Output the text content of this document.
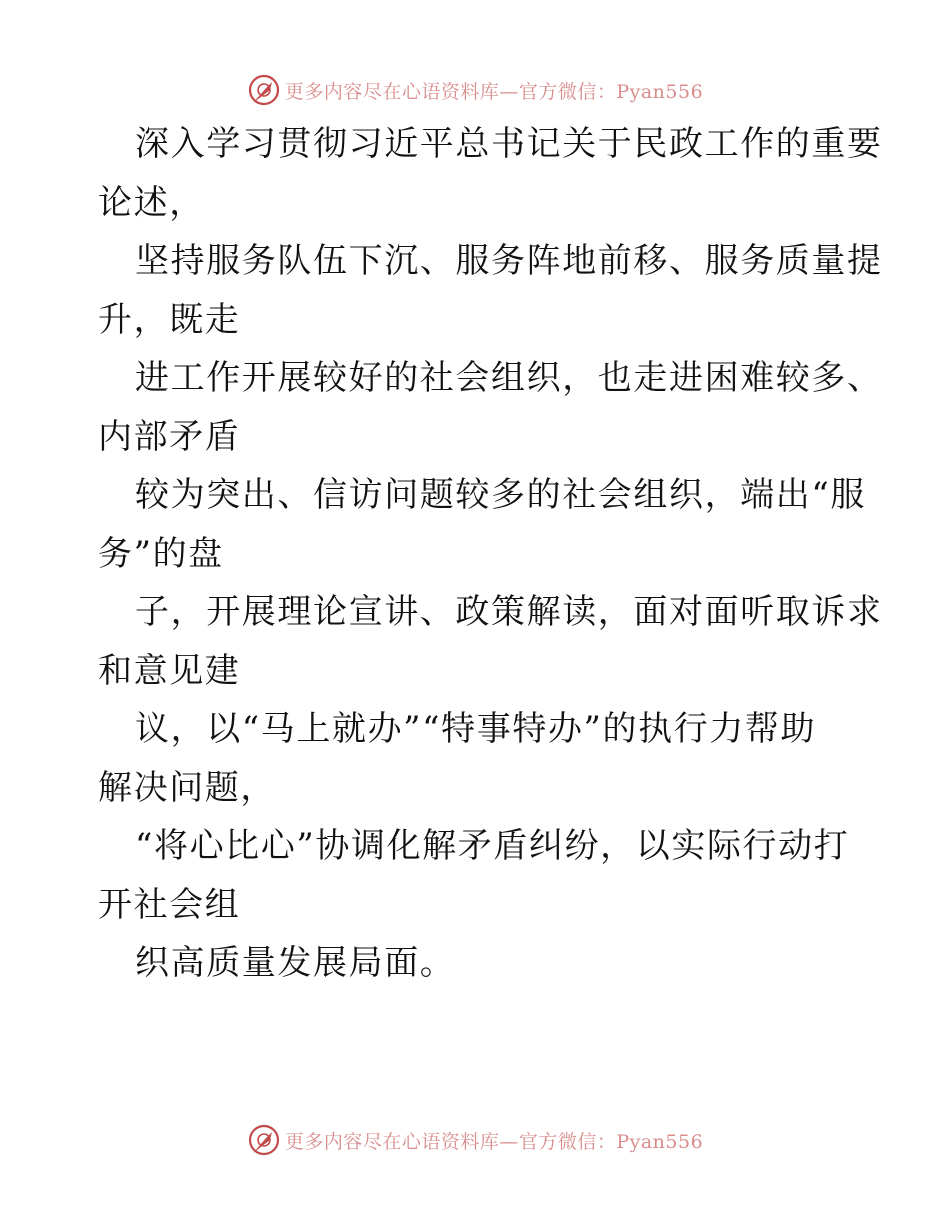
更多内容尽在心语资料库—官方微信：Pyan556
深入学习贯彻习近平总书记关于民政工作的重要
论述，
坚持服务队伍下沉、服务阵地前移、服务质量提
升，既走
进工作开展较好的社会组织，也走进困难较多、
内部矛盾
较为突出、信访问题较多的社会组织，端出“服
务”的盘
子，开展理论宣讲、政策解读，面对面听取诉求
和意见建
议，以“马上就办”“特事特办”的执行力帮助
解决问题，
“将心比心”协调化解矛盾纠纷，以实际行动打
开社会组
织高质量发展局面。
更多内容尽在心语资料库—官方微信：Pyan556
